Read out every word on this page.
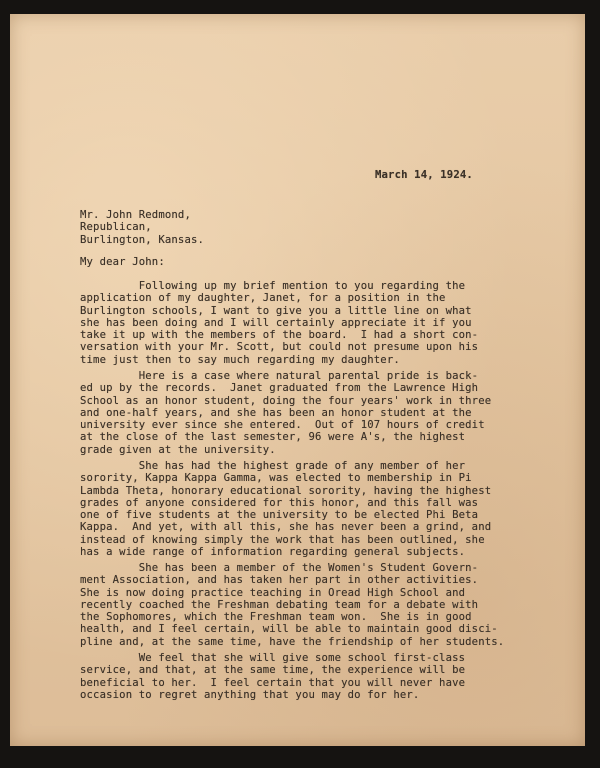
March 14, 1924.
Mr. John Redmond,
Republican,
Burlington, Kansas.
My dear John:
Following up my brief mention to you regarding the
application of my daughter, Janet, for a position in the
Burlington schools, I want to give you a little line on what
she has been doing and I will certainly appreciate it if you
take it up with the members of the board.  I had a short con-
versation with your Mr. Scott, but could not presume upon his
time just then to say much regarding my daughter.
Here is a case where natural parental pride is back-
ed up by the records.  Janet graduated from the Lawrence High
School as an honor student, doing the four years' work in three
and one-half years, and she has been an honor student at the
university ever since she entered.  Out of 107 hours of credit
at the close of the last semester, 96 were A's, the highest
grade given at the university.
She has had the highest grade of any member of her
sorority, Kappa Kappa Gamma, was elected to membership in Pi
Lambda Theta, honorary educational sorority, having the highest
grades of anyone considered for this honor, and this fall was
one of five students at the university to be elected Phi Beta
Kappa.  And yet, with all this, she has never been a grind, and
instead of knowing simply the work that has been outlined, she
has a wide range of information regarding general subjects.
She has been a member of the Women's Student Govern-
ment Association, and has taken her part in other activities.
She is now doing practice teaching in Oread High School and
recently coached the Freshman debating team for a debate with
the Sophomores, which the Freshman team won.  She is in good
health, and I feel certain, will be able to maintain good disci-
pline and, at the same time, have the friendship of her students.
We feel that she will give some school first-class
service, and that, at the same time, the experience will be
beneficial to her.  I feel certain that you will never have
occasion to regret anything that you may do for her.
